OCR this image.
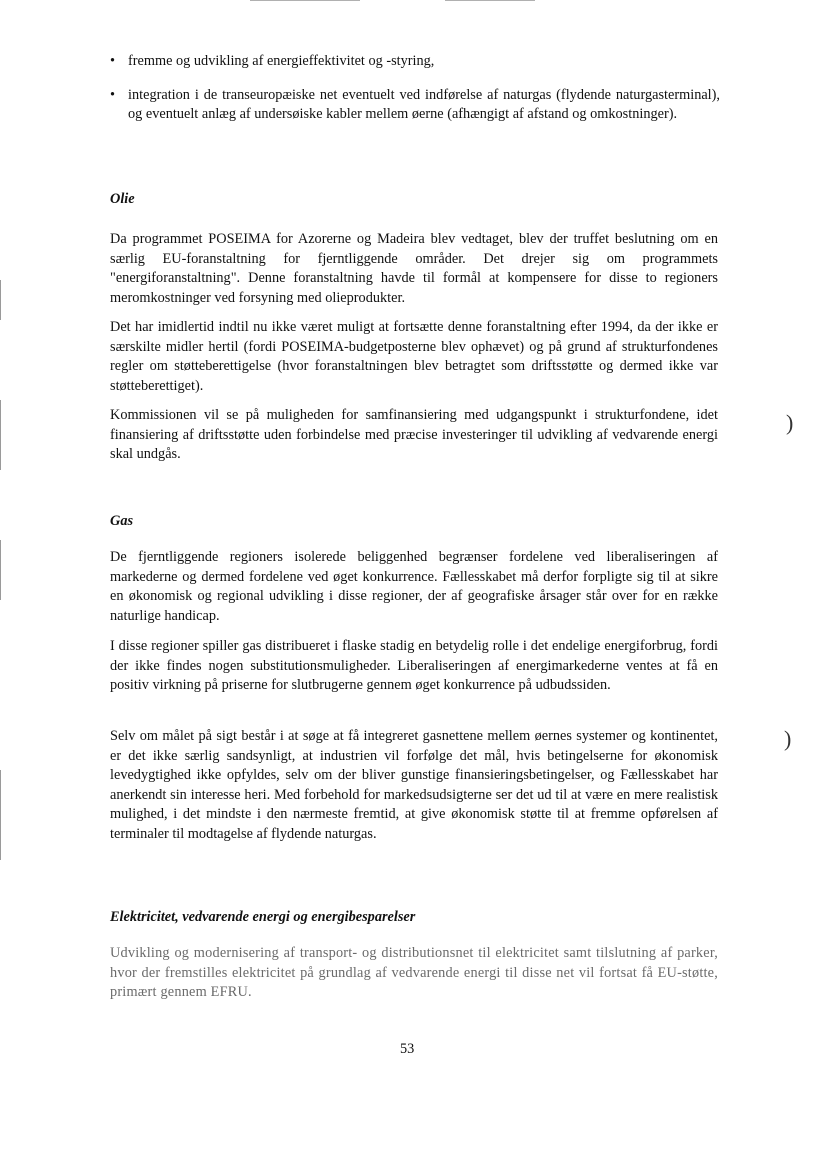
• fremme og udvikling af energieffektivitet og -styring,
• integration i de transeuropæiske net eventuelt ved indførelse af naturgas (flydende naturgasterminal), og eventuelt anlæg af undersøiske kabler mellem øerne (afhængigt af afstand og omkostninger).
Olie

Da programmet POSEIMA for Azorerne og Madeira blev vedtaget, blev der truffet beslutning om en særlig EU-foranstaltning for fjerntliggende områder. Det drejer sig om programmets "energiforanstaltning". Denne foranstaltning havde til formål at kompensere for disse to regioners meromkostninger ved forsyning med olieprodukter.

Det har imidlertid indtil nu ikke været muligt at fortsætte denne foranstaltning efter 1994, da der ikke er særskilte midler hertil (fordi POSEIMA-budgetposterne blev ophævet) og på grund af strukturfondenes regler om støtteberettigelse (hvor foranstaltningen blev betragtet som driftsstøtte og dermed ikke var støtteberettiget).

Kommissionen vil se på muligheden for samfinansiering med udgangspunkt i strukturfondene, idet finansiering af driftsstøtte uden forbindelse med præcise investeringer til udvikling af vedvarende energi skal undgås.

Gas

De fjerntliggende regioners isolerede beliggenhed begrænser fordelene ved liberaliseringen af markederne og dermed fordelene ved øget konkurrence. Fællesskabet må derfor forpligte sig til at sikre en økonomisk og regional udvikling i disse regioner, der af geografiske årsager står over for en række naturlige handicap.

I disse regioner spiller gas distribueret i flaske stadig en betydelig rolle i det endelige energiforbrug, fordi der ikke findes nogen substitutionsmuligheder. Liberaliseringen af energimarkederne ventes at få en positiv virkning på priserne for slutbrugerne gennem øget konkurrence på udbudssiden.

Selv om målet på sigt består i at søge at få integreret gasnettene mellem øernes systemer og kontinentet, er det ikke særlig sandsynligt, at industrien vil forfølge det mål, hvis betingelserne for økonomisk levedygtighed ikke opfyldes, selv om der bliver gunstige finansieringsbetingelser, og Fællesskabet har anerkendt sin interesse heri. Med forbehold for markedsudsigterne ser det ud til at være en mere realistisk mulighed, i det mindste i den nærmeste fremtid, at give økonomisk støtte til at fremme opførelsen af terminaler til modtagelse af flydende naturgas.

Elektricitet, vedvarende energi og energibesparelser

Udvikling og modernisering af transport- og distributionsnet til elektricitet samt tilslutning af parker, hvor der fremstilles elektricitet på grundlag af vedvarende energi til disse net vil fortsat få EU-støtte, primært gennem EFRU.

53
)
)
